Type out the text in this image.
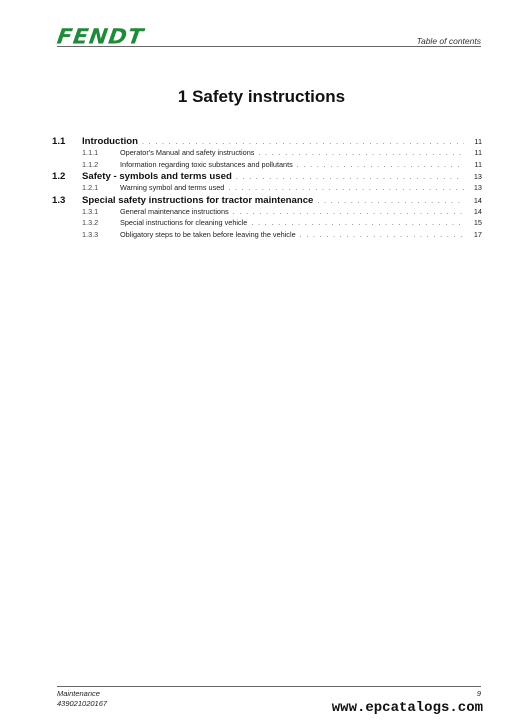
FENDT	Table of contents
1 Safety instructions
1.1	Introduction . . .	11
1.1.1	Operator's Manual and safety instructions . . .	11
1.1.2	Information regarding toxic substances and pollutants . . .	11
1.2	Safety - symbols and terms used . . .	13
1.2.1	Warning symbol and terms used . . .	13
1.3	Special safety instructions for tractor maintenance . . .	14
1.3.1	General maintenance instructions . . .	14
1.3.2	Special instructions for cleaning vehicle . . .	15
1.3.3	Obligatory steps to be taken before leaving the vehicle . . .	17
Maintenance
439021020167
9
www.epcatalogs.com
